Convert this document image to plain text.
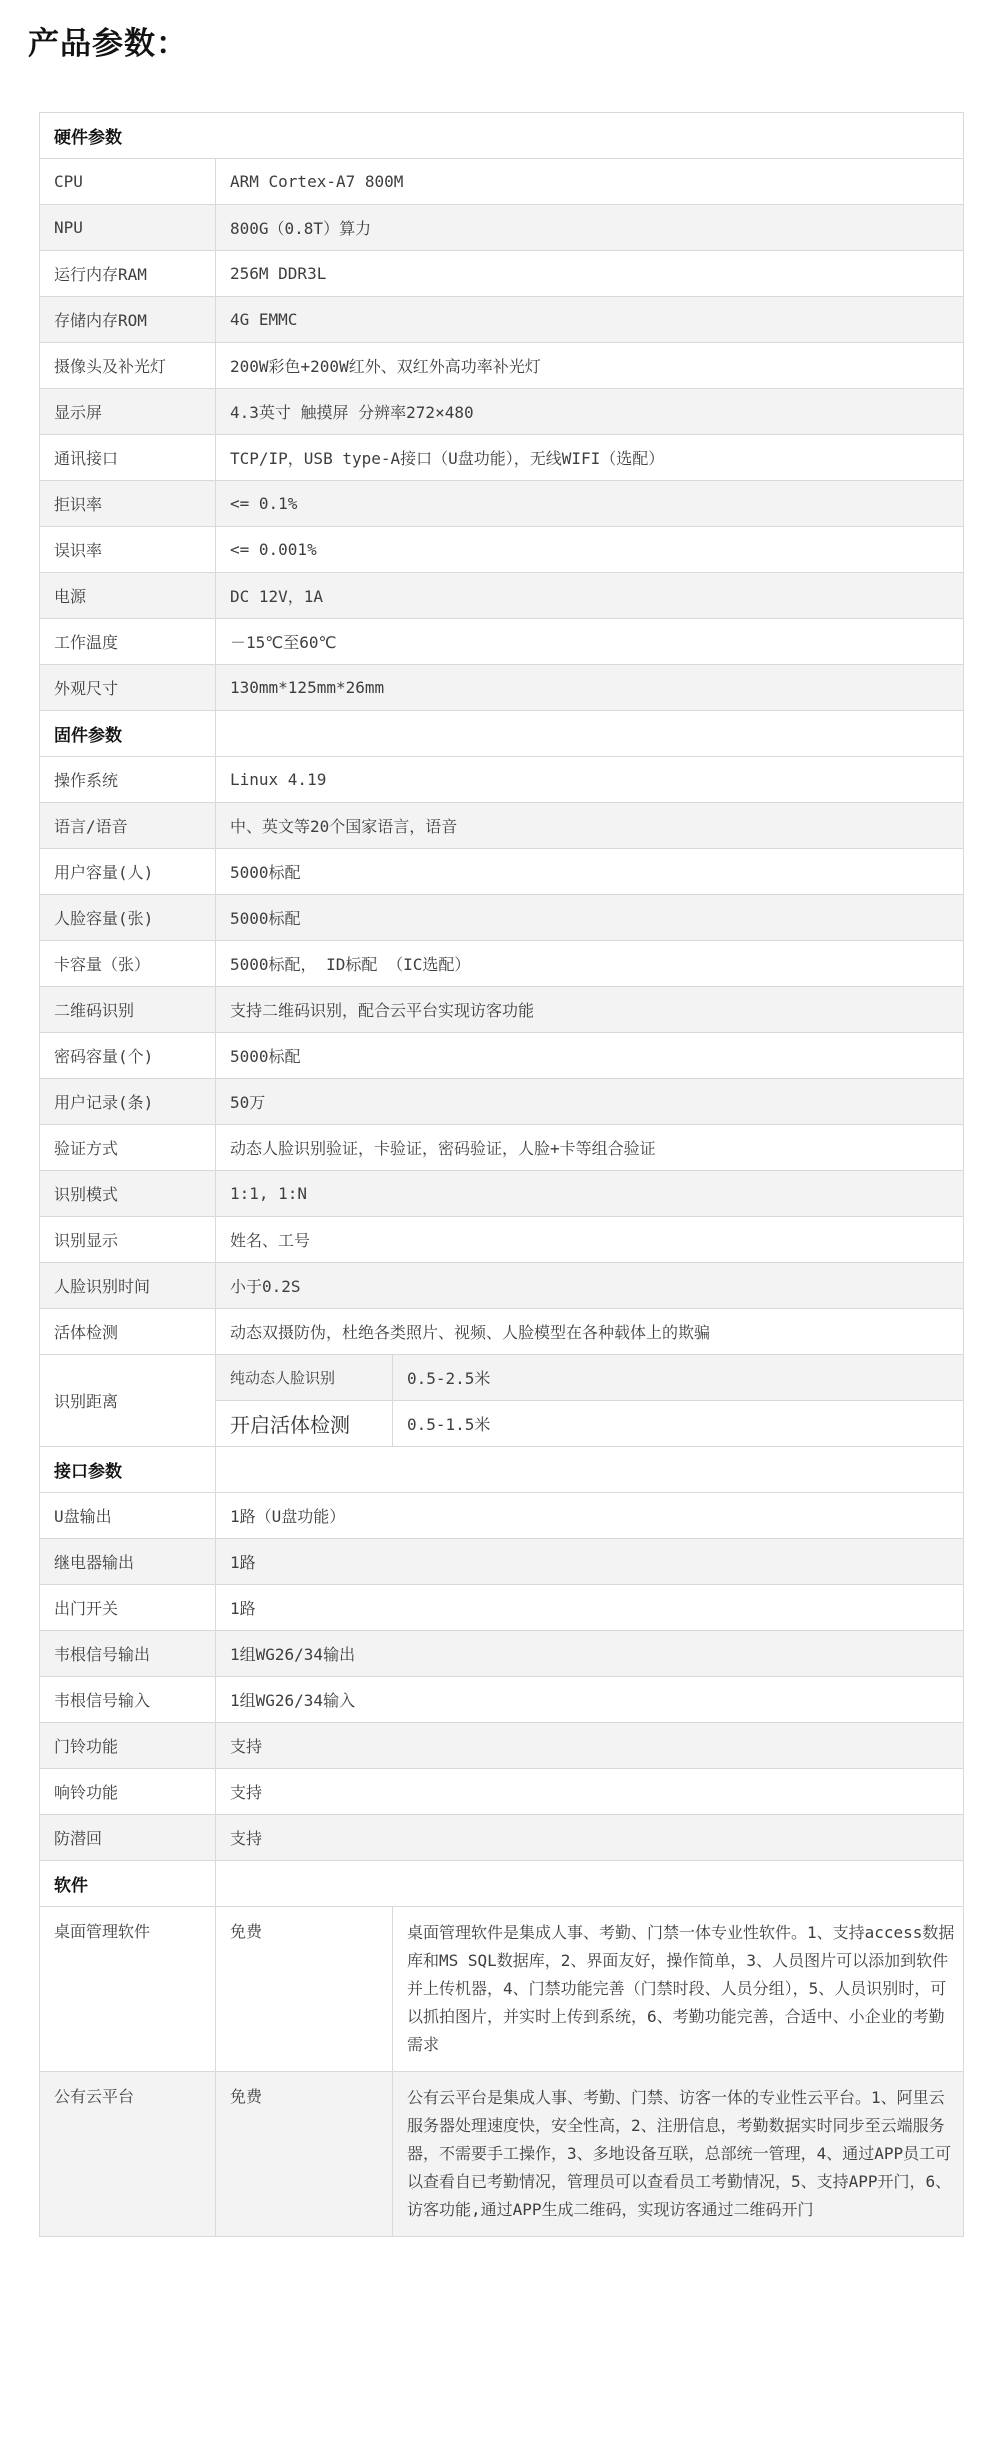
产品参数：
硬件参数		
CPU	ARM Cortex-A7 800M	
NPU	800G（0.8T）算力	
运行内存RAM	256M DDR3L	
存储内存ROM	4G EMMC	
摄像头及补光灯	200W彩色+200W红外、双红外高功率补光灯	
显示屏	4.3英寸 触摸屏 分辨率272×480	
通讯接口	TCP/IP，USB type-A接口（U盘功能），无线WIFI（选配）	
拒识率	<= 0.1%	
误识率	<= 0.001%	
电源	DC 12V，1A	
工作温度	－15℃至60℃	
外观尺寸	130mm*125mm*26mm	
固件参数		
操作系统	Linux 4.19	
语言/语音	中、英文等20个国家语言，语音	
用户容量(人)	5000标配	
人脸容量(张)	5000标配	
卡容量（张）	5000标配， ID标配 （IC选配）	
二维码识别	支持二维码识别，配合云平台实现访客功能	
密码容量(个)	5000标配	
用户记录(条)	50万	
验证方式	动态人脸识别验证，卡验证，密码验证，人脸+卡等组合验证	
识别模式	1:1, 1:N	
识别显示	姓名、工号	
人脸识别时间	小于0.2S	
活体检测	动态双摄防伪，杜绝各类照片、视频、人脸模型在各种载体上的欺骗	
识别距离	纯动态人脸识别	0.5-2.5米
	开启活体检测	0.5-1.5米
接口参数		
U盘输出	1路（U盘功能）	
继电器输出	1路	
出门开关	1路	
韦根信号输出	1组WG26/34输出	
韦根信号输入	1组WG26/34输入	
门铃功能	支持	
响铃功能	支持	
防潜回	支持	
软件		
桌面管理软件	免费	桌面管理软件是集成人事、考勤、门禁一体专业性软件。1、支持access数据库和MS SQL数据库，2、界面友好，操作简单，3、人员图片可以添加到软件并上传机器，4、门禁功能完善（门禁时段、人员分组），5、人员识别时，可以抓拍图片，并实时上传到系统，6、考勤功能完善，合适中、小企业的考勤需求
公有云平台	免费	公有云平台是集成人事、考勤、门禁、访客一体的专业性云平台。1、阿里云服务器处理速度快，安全性高，2、注册信息，考勤数据实时同步至云端服务器，不需要手工操作，3、多地设备互联，总部统一管理，4、通过APP员工可以查看自已考勤情况，管理员可以查看员工考勤情况，5、支持APP开门，6、访客功能,通过APP生成二维码，实现访客通过二维码开门
